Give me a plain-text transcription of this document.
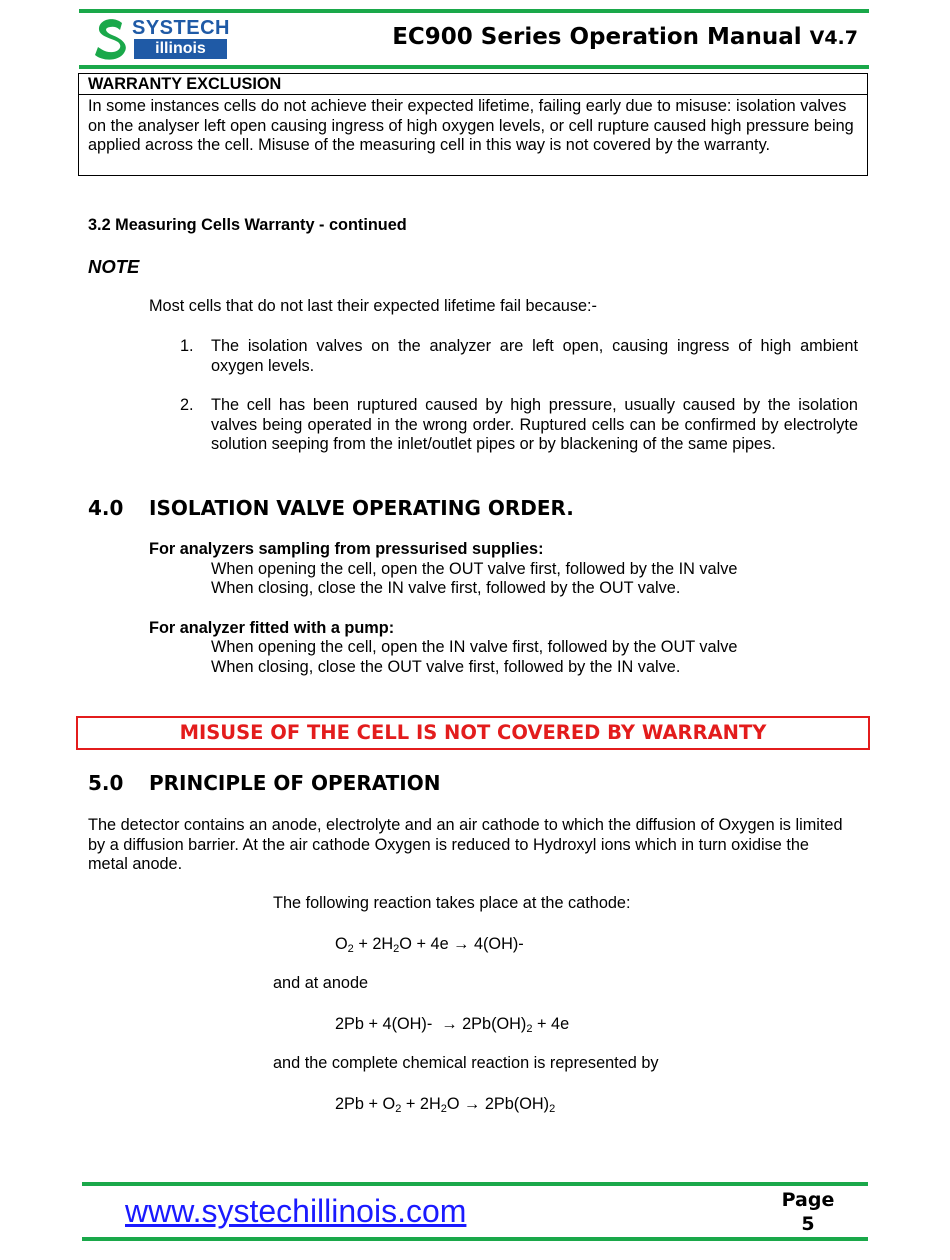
SYSTECH
illinois	EC900 Series Operation Manual V4.7
WARRANTY EXCLUSION
In some instances cells do not achieve their expected lifetime, failing early due to misuse: isolation valves on the analyser left open causing ingress of high oxygen levels, or cell rupture caused high pressure being applied across the cell. Misuse of the measuring cell in this way is not covered by the warranty.
3.2 Measuring Cells Warranty - continued
NOTE
Most cells that do not last their expected lifetime fail because:-
1. The isolation valves on the analyzer are left open, causing ingress of high ambient oxygen levels.
2. The cell has been ruptured caused by high pressure, usually caused by the isolation valves being operated in the wrong order. Ruptured cells can be confirmed by electrolyte solution seeping from the inlet/outlet pipes or by blackening of the same pipes.
4.0 ISOLATION VALVE OPERATING ORDER.
For analyzers sampling from pressurised supplies:
When opening the cell, open the OUT valve first, followed by the IN valve
When closing, close the IN valve first, followed by the OUT valve.
For analyzer fitted with a pump:
When opening the cell, open the IN valve first, followed by the OUT valve
When closing, close the OUT valve first, followed by the IN valve.
MISUSE OF THE CELL IS NOT COVERED BY WARRANTY
5.0 PRINCIPLE OF OPERATION
The detector contains an anode, electrolyte and an air cathode to which the diffusion of Oxygen is limited by a diffusion barrier. At the air cathode Oxygen is reduced to Hydroxyl ions which in turn oxidise the metal anode.
The following reaction takes place at the cathode:
$O_2 + 2H_2O + 4e \to 4(OH)-$
and at anode
$2Pb + 4(OH)- \to 2Pb(OH)_2 + 4e$
and the complete chemical reaction is represented by
$2Pb + O_2 + 2H_2O \to 2Pb(OH)_2$
www.systechillinois.com	Page
5
